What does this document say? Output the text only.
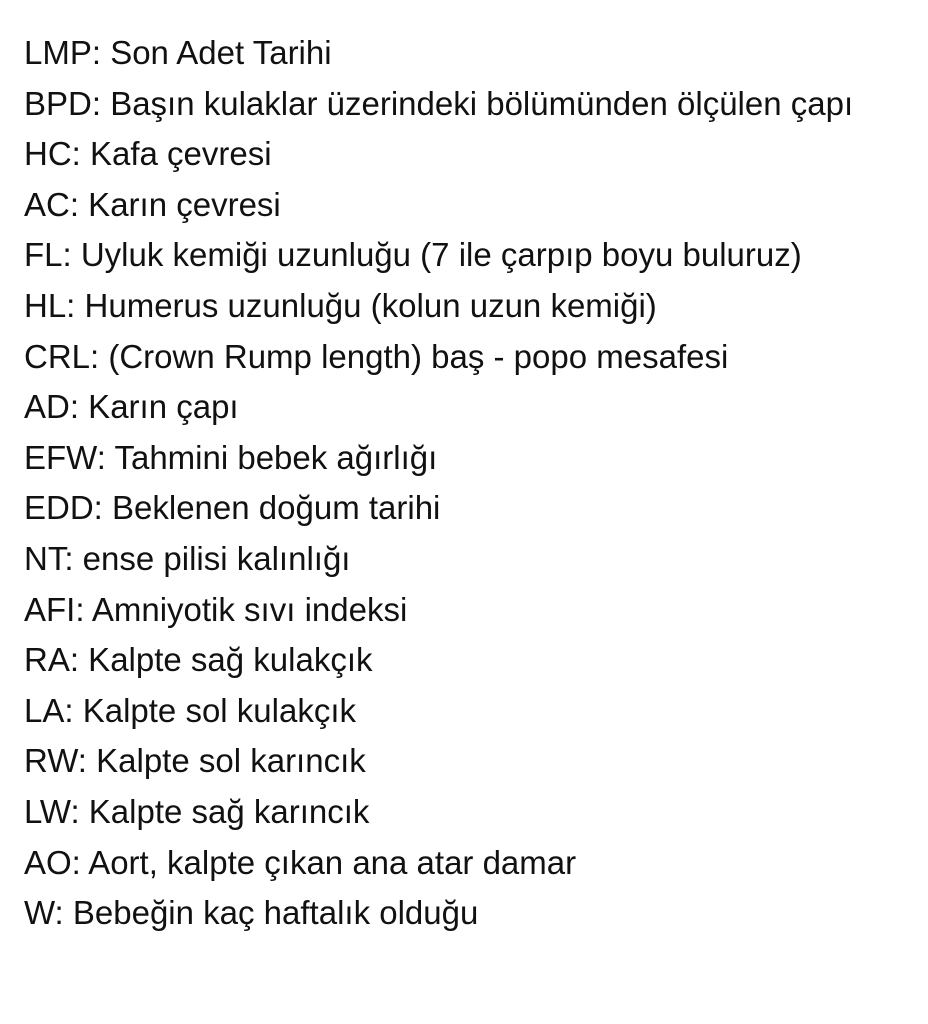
LMP: Son Adet Tarihi
BPD: Başın kulaklar üzerindeki bölümünden ölçülen çapı
HC: Kafa çevresi
AC: Karın çevresi
FL: Uyluk kemiği uzunluğu (7 ile çarpıp boyu buluruz)
HL: Humerus uzunluğu (kolun uzun kemiği)
CRL: (Crown Rump length) baş - popo mesafesi
AD: Karın çapı
EFW: Tahmini bebek ağırlığı
EDD: Beklenen doğum tarihi
NT: ense pilisi kalınlığı
AFI: Amniyotik sıvı indeksi
RA: Kalpte sağ kulakçık
LA: Kalpte sol kulakçık
RW: Kalpte sol karıncık
LW: Kalpte sağ karıncık
AO: Aort, kalpte çıkan ana atar damar
W: Bebeğin kaç haftalık olduğu
